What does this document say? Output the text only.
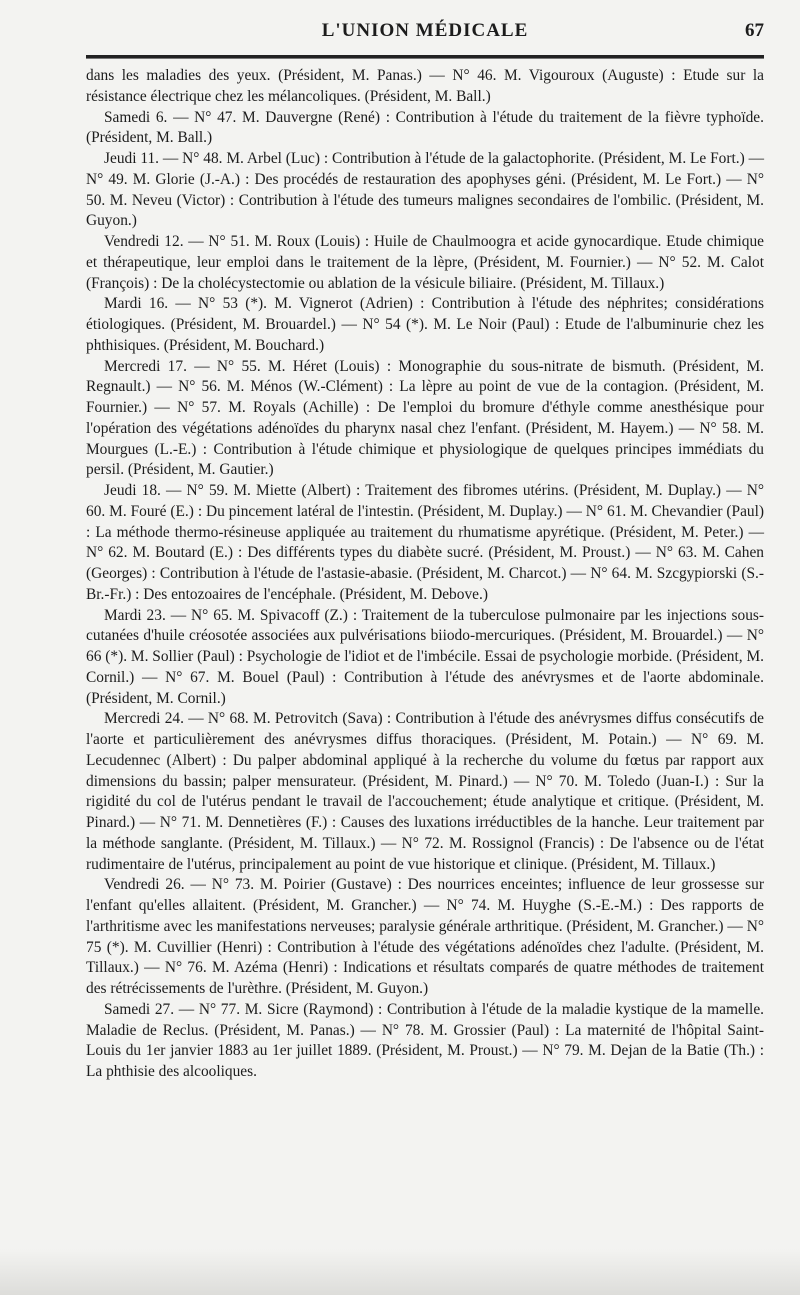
L'UNION MÉDICALE	67

dans les maladies des yeux. (Président, M. Panas.) — N° 46. M. Vigouroux (Auguste) : Etude sur la résistance électrique chez les mélancoliques. (Président, M. Ball.)

Samedi 6. — N° 47. M. Dauvergne (René) : Contribution à l'étude du traitement de la fièvre typhoïde. (Président, M. Ball.)

Jeudi 11. — N° 48. M. Arbel (Luc) : Contribution à l'étude de la galactophorite. (Président, M. Le Fort.) — N° 49. M. Glorie (J.-A.) : Des procédés de restauration des apophyses géni. (Président, M. Le Fort.) — N° 50. M. Neveu (Victor) : Contribution à l'étude des tumeurs malignes secondaires de l'ombilic. (Président, M. Guyon.)

Vendredi 12. — N° 51. M. Roux (Louis) : Huile de Chaulmoogra et acide gynocardique. Etude chimique et thérapeutique, leur emploi dans le traitement de la lèpre, (Président, M. Fournier.) — N° 52. M. Calot (François) : De la cholécystectomie ou ablation de la vésicule biliaire. (Président, M. Tillaux.)

Mardi 16. — N° 53 (*). M. Vignerot (Adrien) : Contribution à l'étude des néphrites; considérations étiologiques. (Président, M. Brouardel.) — N° 54 (*). M. Le Noir (Paul) : Etude de l'albuminurie chez les phthisiques. (Président, M. Bouchard.)

Mercredi 17. — N° 55. M. Héret (Louis) : Monographie du sous-nitrate de bismuth. (Président, M. Regnault.) — N° 56. M. Ménos (W.-Clément) : La lèpre au point de vue de la contagion. (Président, M. Fournier.) — N° 57. M. Royals (Achille) : De l'emploi du bromure d'éthyle comme anesthésique pour l'opération des végétations adénoïdes du pharynx nasal chez l'enfant. (Président, M. Hayem.) — N° 58. M. Mourgues (L.-E.) : Contribution à l'étude chimique et physiologique de quelques principes immédiats du persil. (Président, M. Gautier.)

Jeudi 18. — N° 59. M. Miette (Albert) : Traitement des fibromes utérins. (Président, M. Duplay.) — N° 60. M. Fouré (E.) : Du pincement latéral de l'intestin. (Président, M. Duplay.) — N° 61. M. Chevandier (Paul) : La méthode thermo-résineuse appliquée au traitement du rhumatisme apyrétique. (Président, M. Peter.) — N° 62. M. Boutard (E.) : Des différents types du diabète sucré. (Président, M. Proust.) — N° 63. M. Cahen (Georges) : Contribution à l'étude de l'astasie-abasie. (Président, M. Charcot.) — N° 64. M. Szcgypiorski (S.-Br.-Fr.) : Des entozoaires de l'encéphale. (Président, M. Debove.)

Mardi 23. — N° 65. M. Spivacoff (Z.) : Traitement de la tuberculose pulmonaire par les injections sous-cutanées d'huile créosotée associées aux pulvérisations biiodo-mercuriques. (Président, M. Brouardel.) — N° 66 (*). M. Sollier (Paul) : Psychologie de l'idiot et de l'imbécile. Essai de psychologie morbide. (Président, M. Cornil.) — N° 67. M. Bouel (Paul) : Contribution à l'étude des anévrysmes et de l'aorte abdominale. (Président, M. Cornil.)

Mercredi 24. — N° 68. M. Petrovitch (Sava) : Contribution à l'étude des anévrysmes diffus consécutifs de l'aorte et particulièrement des anévrysmes diffus thoraciques. (Président, M. Potain.) — N° 69. M. Lecudennec (Albert) : Du palper abdominal appliqué à la recherche du volume du fœtus par rapport aux dimensions du bassin; palper mensurateur. (Président, M. Pinard.) — N° 70. M. Toledo (Juan-I.) : Sur la rigidité du col de l'utérus pendant le travail de l'accouchement; étude analytique et critique. (Président, M. Pinard.) — N° 71. M. Dennetières (F.) : Causes des luxations irréductibles de la hanche. Leur traitement par la méthode sanglante. (Président, M. Tillaux.) — N° 72. M. Rossignol (Francis) : De l'absence ou de l'état rudimentaire de l'utérus, principalement au point de vue historique et clinique. (Président, M. Tillaux.)

Vendredi 26. — N° 73. M. Poirier (Gustave) : Des nourrices enceintes; influence de leur grossesse sur l'enfant qu'elles allaitent. (Président, M. Grancher.) — N° 74. M. Huyghe (S.-E.-M.) : Des rapports de l'arthritisme avec les manifestations nerveuses; paralysie générale arthritique. (Président, M. Grancher.) — N° 75 (*). M. Cuvillier (Henri) : Contribution à l'étude des végétations adénoïdes chez l'adulte. (Président, M. Tillaux.) — N° 76. M. Azéma (Henri) : Indications et résultats comparés de quatre méthodes de traitement des rétrécissements de l'urèthre. (Président, M. Guyon.)

Samedi 27. — N° 77. M. Sicre (Raymond) : Contribution à l'étude de la maladie kystique de la mamelle. Maladie de Reclus. (Président, M. Panas.) — N° 78. M. Grossier (Paul) : La maternité de l'hôpital Saint-Louis du 1er janvier 1883 au 1er juillet 1889. (Président, M. Proust.) — N° 79. M. Dejan de la Batie (Th.) : La phthisie des alcooliques.
